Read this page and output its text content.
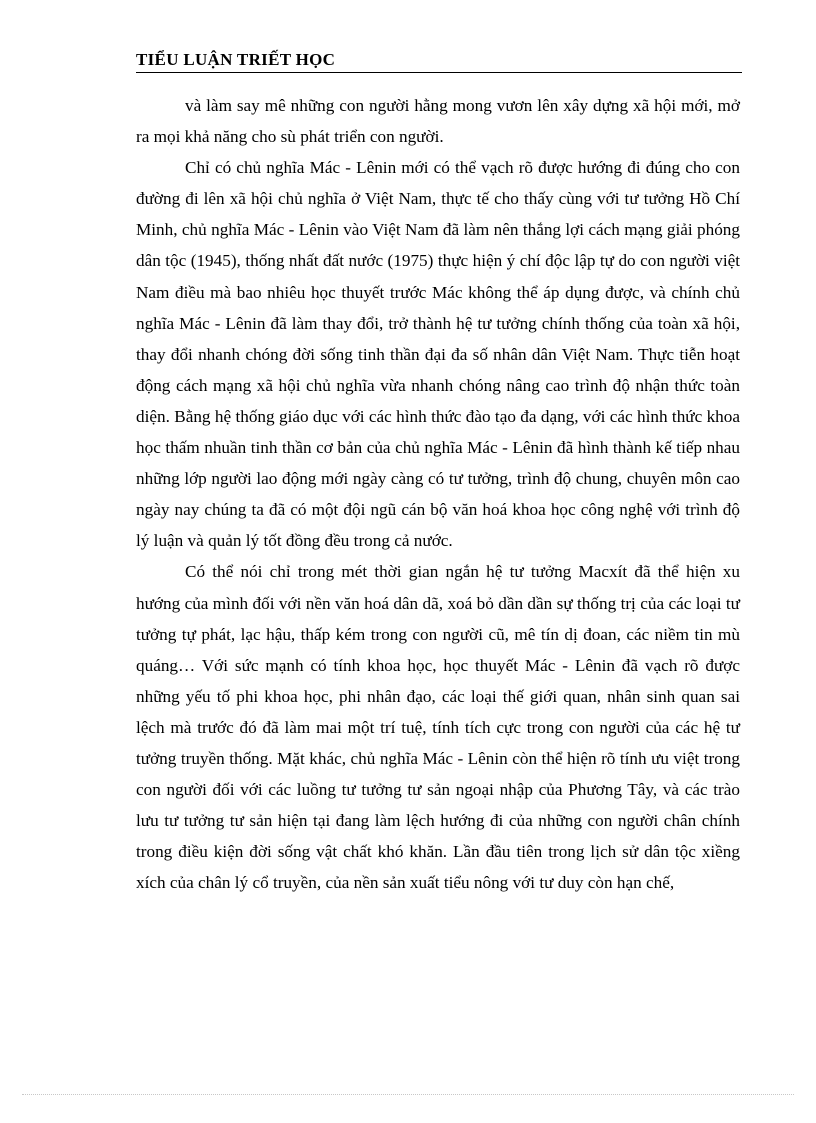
TIỂU LUẬN TRIẾT HỌC

và làm say mê những con người hằng mong vươn lên xây dựng xã hội mới, mở ra mọi khả năng cho sù phát triển con người.

Chỉ có chủ nghĩa Mác - Lênin mới có thể vạch rõ được hướng đi đúng cho con đường đi lên xã hội chủ nghĩa ở Việt Nam, thực tế cho thấy cùng với tư tưởng Hồ Chí Minh, chủ nghĩa Mác - Lênin vào Việt Nam đã làm nên thắng lợi cách mạng giải phóng dân tộc (1945), thống nhất đất nước (1975) thực hiện ý chí độc lập tự do con người việt Nam điều mà bao nhiêu học thuyết trước Mác không thể áp dụng được, và chính chủ nghĩa Mác - Lênin đã làm thay đổi, trở thành hệ tư tưởng chính thống của toàn xã hội, thay đổi nhanh chóng đời sống tinh thần đại đa số nhân dân Việt Nam. Thực tiễn hoạt động cách mạng xã hội chủ nghĩa vừa nhanh chóng nâng cao trình độ nhận thức toàn diện. Bằng hệ thống giáo dục với các hình thức đào tạo đa dạng, với các hình thức khoa học thấm nhuần tinh thần cơ bản của chủ nghĩa Mác - Lênin đã hình thành kế tiếp nhau những lớp người lao động mới ngày càng có tư tưởng, trình độ chung, chuyên môn cao ngày nay chúng ta đã có một đội ngũ cán bộ văn hoá khoa học công nghệ với trình độ lý luận và quản lý tốt đồng đều trong cả nước.

Có thể nói chỉ trong mét thời gian ngắn hệ tư tưởng Macxít đã thể hiện xu hướng của mình đối với nền văn hoá dân dã, xoá bỏ dần dần sự thống trị của các loại tư tưởng tự phát, lạc hậu, thấp kém trong con người cũ, mê tín dị đoan, các niềm tin mù quáng… Với sức mạnh có tính khoa học, học thuyết Mác - Lênin đã vạch rõ được những yếu tố phi khoa học, phi nhân đạo, các loại thế giới quan, nhân sinh quan sai lệch mà trước đó đã làm mai một trí tuệ, tính tích cực trong con người của các hệ tư tưởng truyền thống. Mặt khác, chủ nghĩa Mác - Lênin còn thể hiện rõ tính ưu việt trong con người đối với các luồng tư tưởng tư sản ngoại nhập của Phương Tây, và các trào lưu tư tưởng tư sản hiện tại đang làm lệch hướng đi của những con người chân chính trong điều kiện đời sống vật chất khó khăn. Lần đầu tiên trong lịch sử dân tộc xiềng xích của chân lý cổ truyền, của nền sản xuất tiểu nông với tư duy còn hạn chế,
